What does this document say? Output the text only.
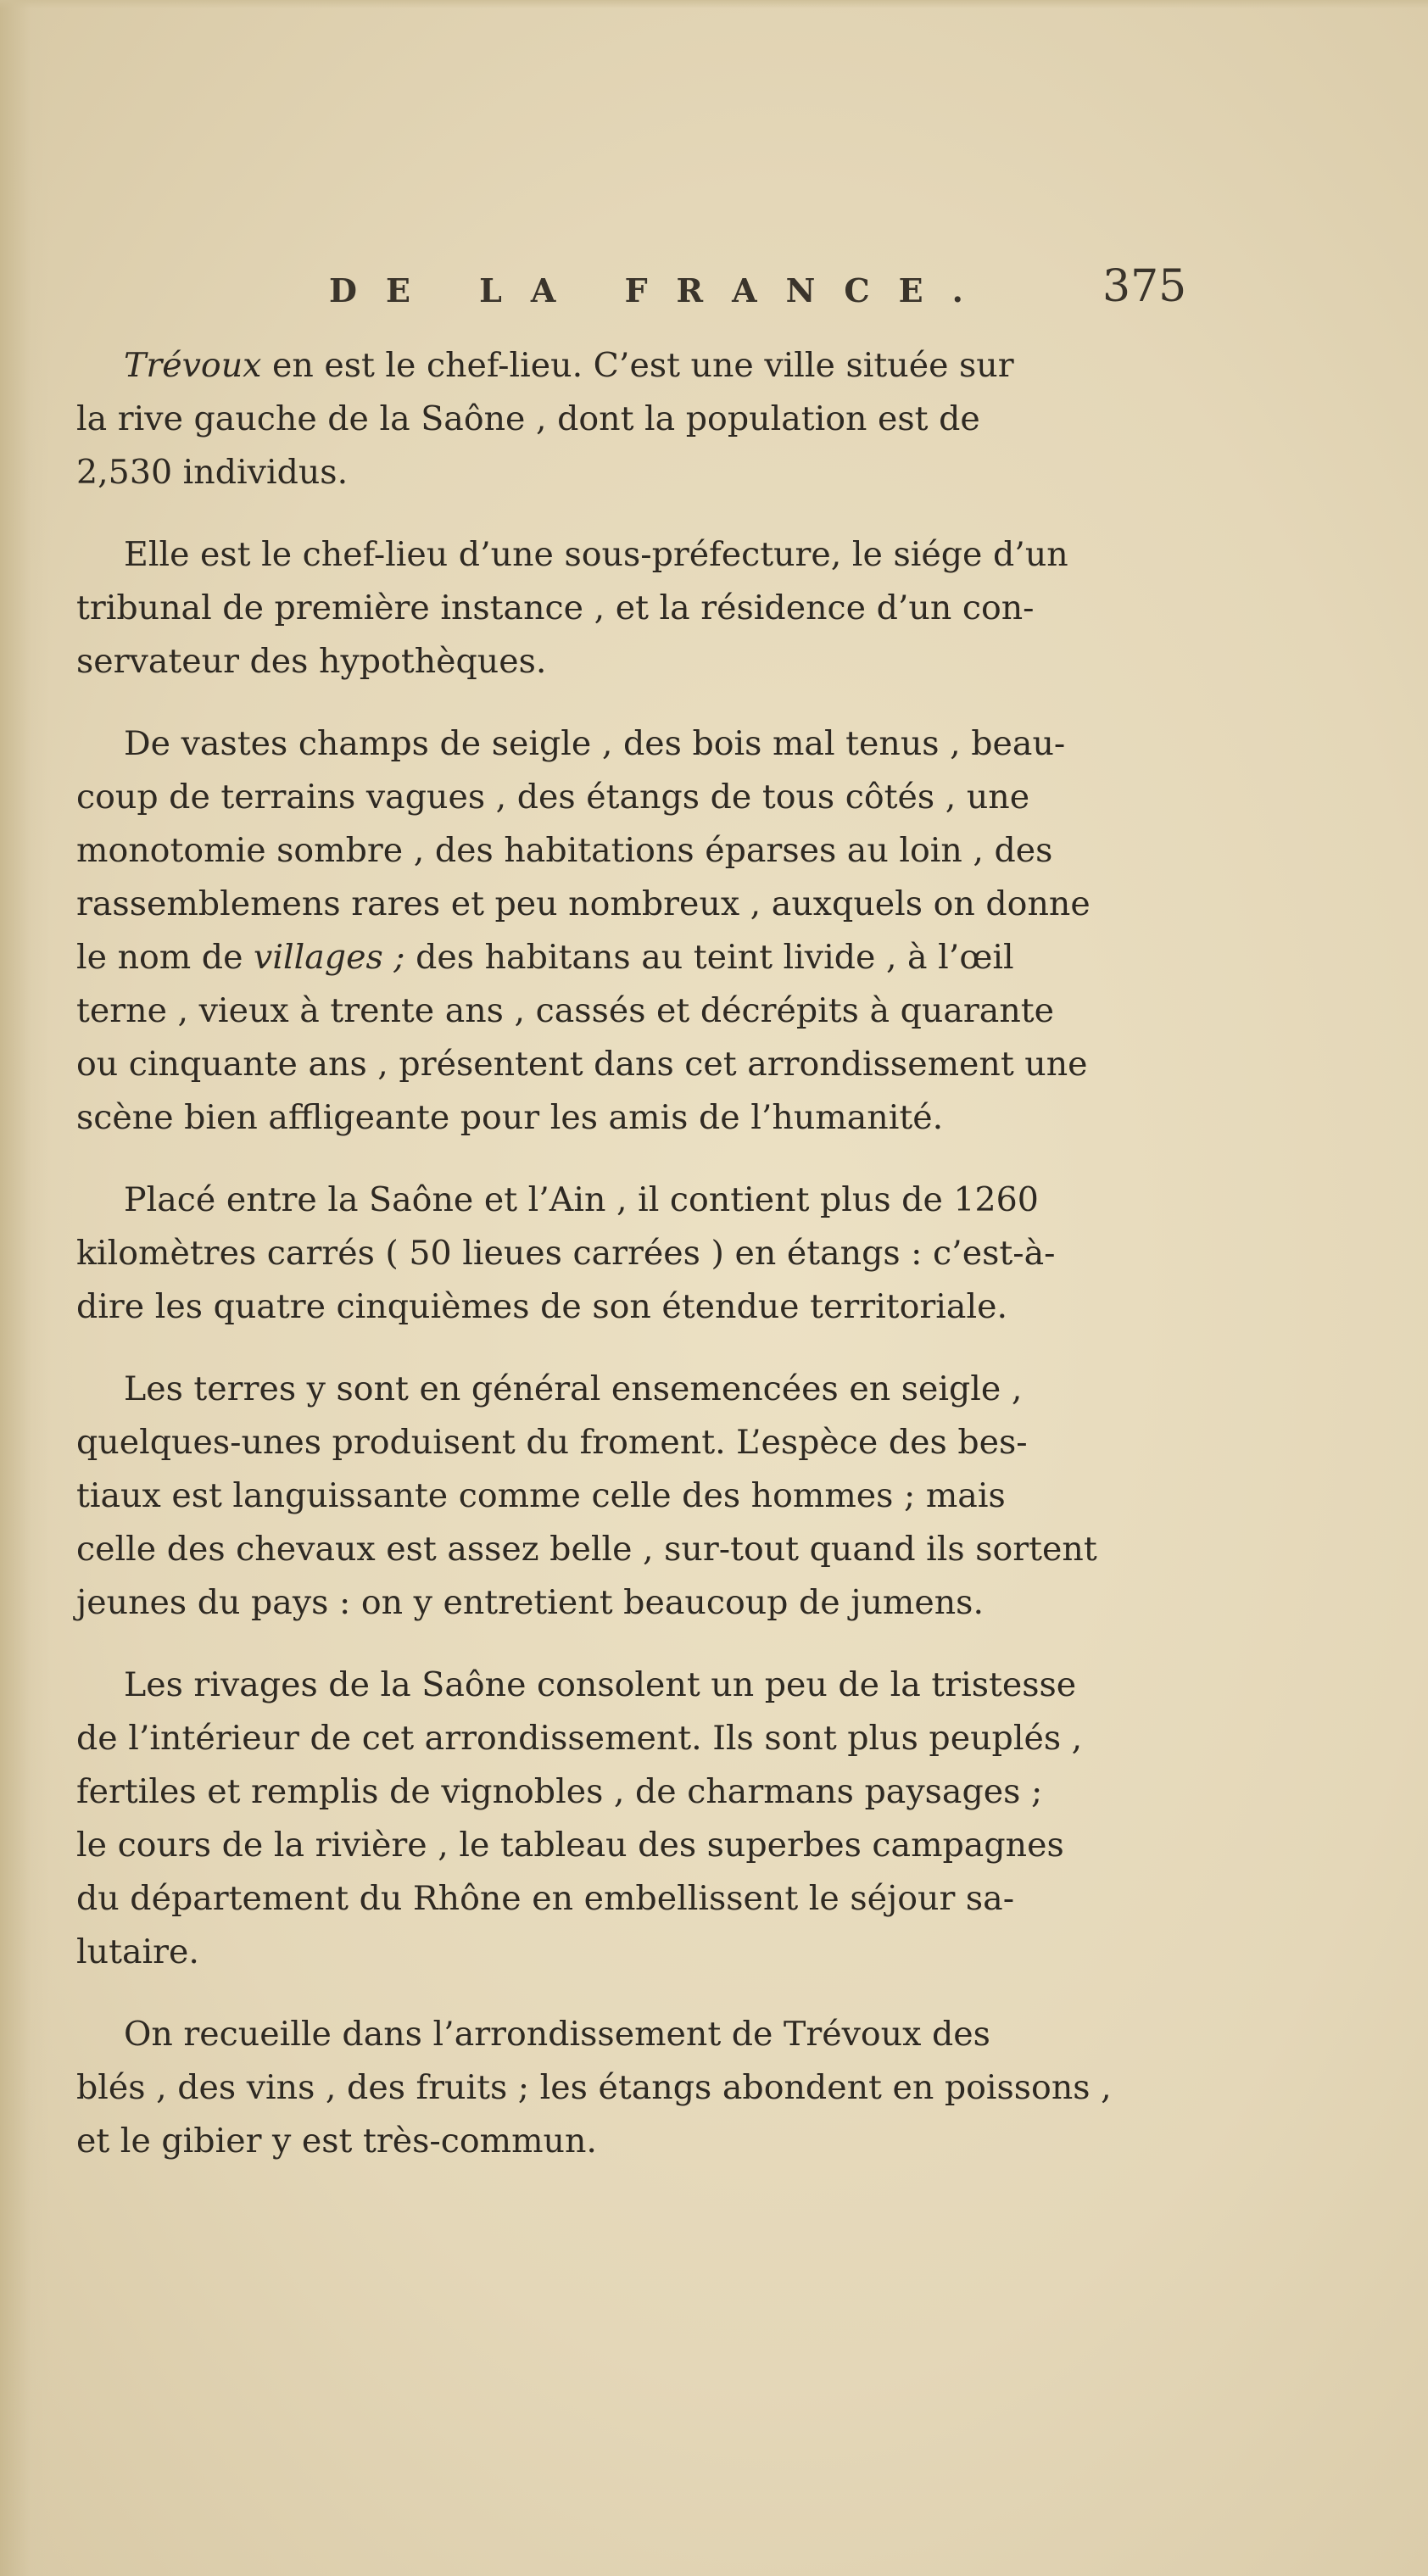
DE LA FRANCE.	375
Trévoux en est le chef-lieu. C’est une ville située sur
la rive gauche de la Saône , dont la population est de
2,530 individus.
Elle est le chef-lieu d’une sous-préfecture, le siége d’un
tribunal de première instance , et la résidence d’un con-
servateur des hypothèques.
De vastes champs de seigle , des bois mal tenus , beau-
coup de terrains vagues , des étangs de tous côtés , une
monotomie sombre , des habitations éparses au loin , des
rassemblemens rares et peu nombreux , auxquels on donne
le nom de villages ; des habitans au teint livide , à l’œil
terne , vieux à trente ans , cassés et décrépits à quarante
ou cinquante ans , présentent dans cet arrondissement une
scène bien affligeante pour les amis de l’humanité.
Placé entre la Saône et l’Ain , il contient plus de 1260
kilomètres carrés ( 50 lieues carrées ) en étangs : c’est-à-
dire les quatre cinquièmes de son étendue territoriale.
Les terres y sont en général ensemencées en seigle ,
quelques-unes produisent du froment. L’espèce des bes-
tiaux est languissante comme celle des hommes ; mais
celle des chevaux est assez belle , sur-tout quand ils sortent
jeunes du pays : on y entretient beaucoup de jumens.
Les rivages de la Saône consolent un peu de la tristesse
de l’intérieur de cet arrondissement. Ils sont plus peuplés ,
fertiles et remplis de vignobles , de charmans paysages ;
le cours de la rivière , le tableau des superbes campagnes
du département du Rhône en embellissent le séjour sa-
lutaire.
On recueille dans l’arrondissement de Trévoux des
blés , des vins , des fruits ; les étangs abondent en poissons ,
et le gibier y est très-commun.
